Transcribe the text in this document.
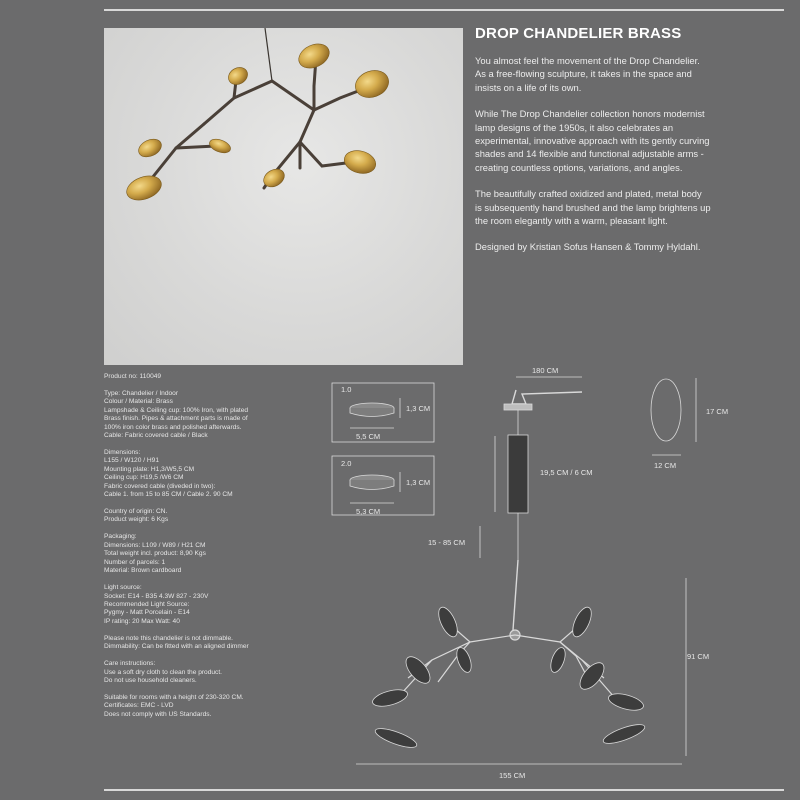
DROP CHANDELIER BRASS

You almost feel the movement of the Drop Chandelier. As a free-flowing sculpture, it takes in the space and insists on a life of its own.

While The Drop Chandelier collection honors modernist lamp designs of the 1950s, it also celebrates an experimental, innovative approach with its gently curving shades and 14 flexible and functional adjustable arms - creating countless options, variations, and angles.

The beautifully crafted oxidized and plated, metal body is subsequently hand brushed and the lamp brightens up the room elegantly with a warm, pleasant light.

Designed by Kristian Sofus Hansen & Tommy Hyldahl.

Product no: 110049
Type: Chandelier / Indoor
Colour / Material: Brass
Lampshade & Ceiling cup: 100% Iron, with plated
Brass finish. Pipes & attachment parts is made of
100% iron color brass and polished afterwards.
Cable: Fabric covered cable / Black
Dimensions:
L155 / W120 / H91
Mounting plate: H1,3/W5,5 CM
Ceiling cup: H19,5 /W6 CM
Fabric covered cable (diveded in two):
Cable 1. from 15 to 85 CM / Cable 2. 90 CM
Country of origin: CN.
Product weight: 6 Kgs
Packaging:
Dimensions: L109 / W89 / H21 CM
Total weight incl. product: 8,90 Kgs
Number of parcels: 1
Material: Brown cardboard
Light source:
Socket: E14 - B35 4.3W 827 - 230V
Recommended Light Source:
Pygmy - Matt Porcelain - E14
IP rating: 20 Max Watt: 40
Please note this chandelier is not dimmable.
Dimmability: Can be fitted with an aligned dimmer
Care instructions:
Use a soft dry cloth to clean the product.
Do not use household cleaners.
Suitable for rooms with a height of 230-320 CM.
Certificates: EMC - LVD
Does not comply with US Standards.
1.0
1,3 CM
5,5 CM
2.0
1,3 CM
5,3 CM
180 CM
19,5 CM / 6 CM
15 - 85 CM
17 CM
12 CM
91 CM
155 CM
